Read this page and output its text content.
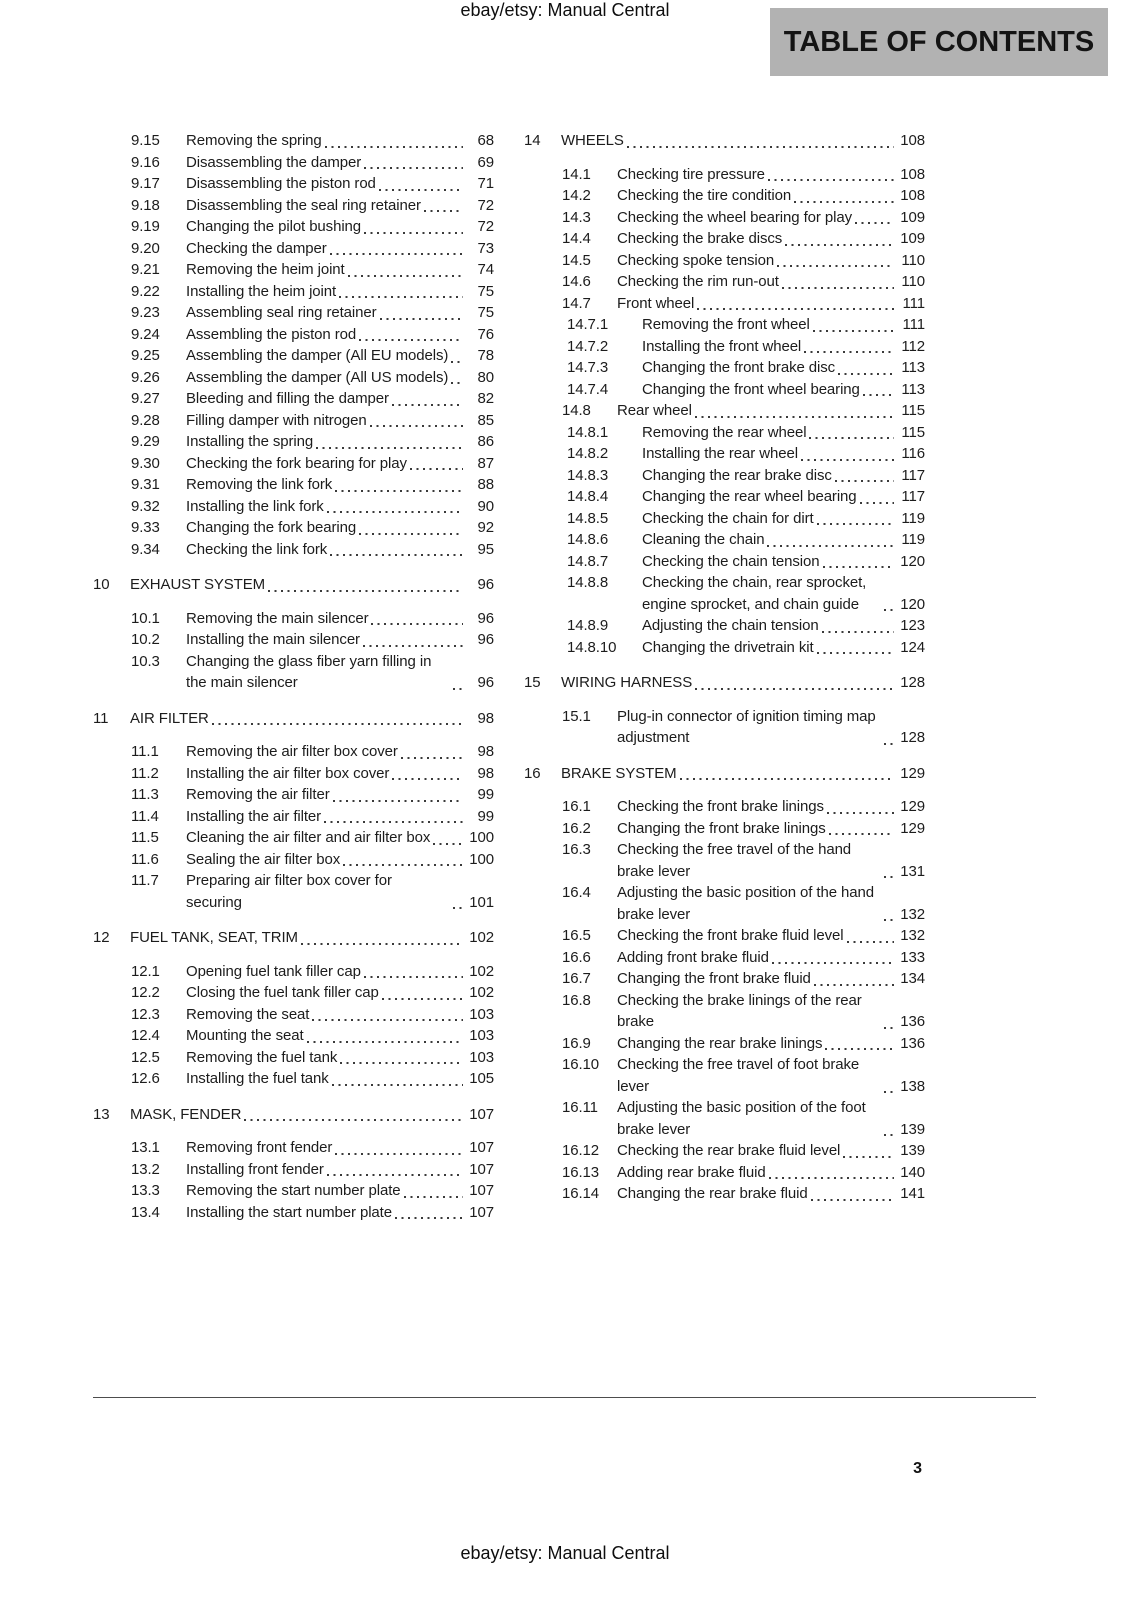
ebay/etsy: Manual Central
TABLE OF CONTENTS
9.15	Removing the spring	68
9.16	Disassembling the damper	69
9.17	Disassembling the piston rod	71
9.18	Disassembling the seal ring retainer	72
9.19	Changing the pilot bushing	72
9.20	Checking the damper	73
9.21	Removing the heim joint	74
9.22	Installing the heim joint	75
9.23	Assembling seal ring retainer	75
9.24	Assembling the piston rod	76
9.25	Assembling the damper (All EU models)	78
9.26	Assembling the damper (All US models)	80
9.27	Bleeding and filling the damper	82
9.28	Filling damper with nitrogen	85
9.29	Installing the spring	86
9.30	Checking the fork bearing for play	87
9.31	Removing the link fork	88
9.32	Installing the link fork	90
9.33	Changing the fork bearing	92
9.34	Checking the link fork	95
10	EXHAUST SYSTEM	96
10.1	Removing the main silencer	96
10.2	Installing the main silencer	96
10.3	Changing the glass fiber yarn filling in the main silencer	96
11	AIR FILTER	98
11.1	Removing the air filter box cover	98
11.2	Installing the air filter box cover	98
11.3	Removing the air filter	99
11.4	Installing the air filter	99
11.5	Cleaning the air filter and air filter box	100
11.6	Sealing the air filter box	100
11.7	Preparing air filter box cover for securing	101
12	FUEL TANK, SEAT, TRIM	102
12.1	Opening fuel tank filler cap	102
12.2	Closing the fuel tank filler cap	102
12.3	Removing the seat	103
12.4	Mounting the seat	103
12.5	Removing the fuel tank	103
12.6	Installing the fuel tank	105
13	MASK, FENDER	107
13.1	Removing front fender	107
13.2	Installing front fender	107
13.3	Removing the start number plate	107
13.4	Installing the start number plate	107
14	WHEELS	108
14.1	Checking tire pressure	108
14.2	Checking the tire condition	108
14.3	Checking the wheel bearing for play	109
14.4	Checking the brake discs	109
14.5	Checking spoke tension	110
14.6	Checking the rim run-out	110
14.7	Front wheel	111
14.7.1	Removing the front wheel	111
14.7.2	Installing the front wheel	112
14.7.3	Changing the front brake disc	113
14.7.4	Changing the front wheel bearing	113
14.8	Rear wheel	115
14.8.1	Removing the rear wheel	115
14.8.2	Installing the rear wheel	116
14.8.3	Changing the rear brake disc	117
14.8.4	Changing the rear wheel bearing	117
14.8.5	Checking the chain for dirt	119
14.8.6	Cleaning the chain	119
14.8.7	Checking the chain tension	120
14.8.8	Checking the chain, rear sprocket, engine sprocket, and chain guide	120
14.8.9	Adjusting the chain tension	123
14.8.10	Changing the drivetrain kit	124
15	WIRING HARNESS	128
15.1	Plug-in connector of ignition timing map adjustment	128
16	BRAKE SYSTEM	129
16.1	Checking the front brake linings	129
16.2	Changing the front brake linings	129
16.3	Checking the free travel of the hand brake lever	131
16.4	Adjusting the basic position of the hand brake lever	132
16.5	Checking the front brake fluid level	132
16.6	Adding front brake fluid	133
16.7	Changing the front brake fluid	134
16.8	Checking the brake linings of the rear brake	136
16.9	Changing the rear brake linings	136
16.10	Checking the free travel of foot brake lever	138
16.11	Adjusting the basic position of the foot brake lever	139
16.12	Checking the rear brake fluid level	139
16.13	Adding rear brake fluid	140
16.14	Changing the rear brake fluid	141
3
ebay/etsy: Manual Central
